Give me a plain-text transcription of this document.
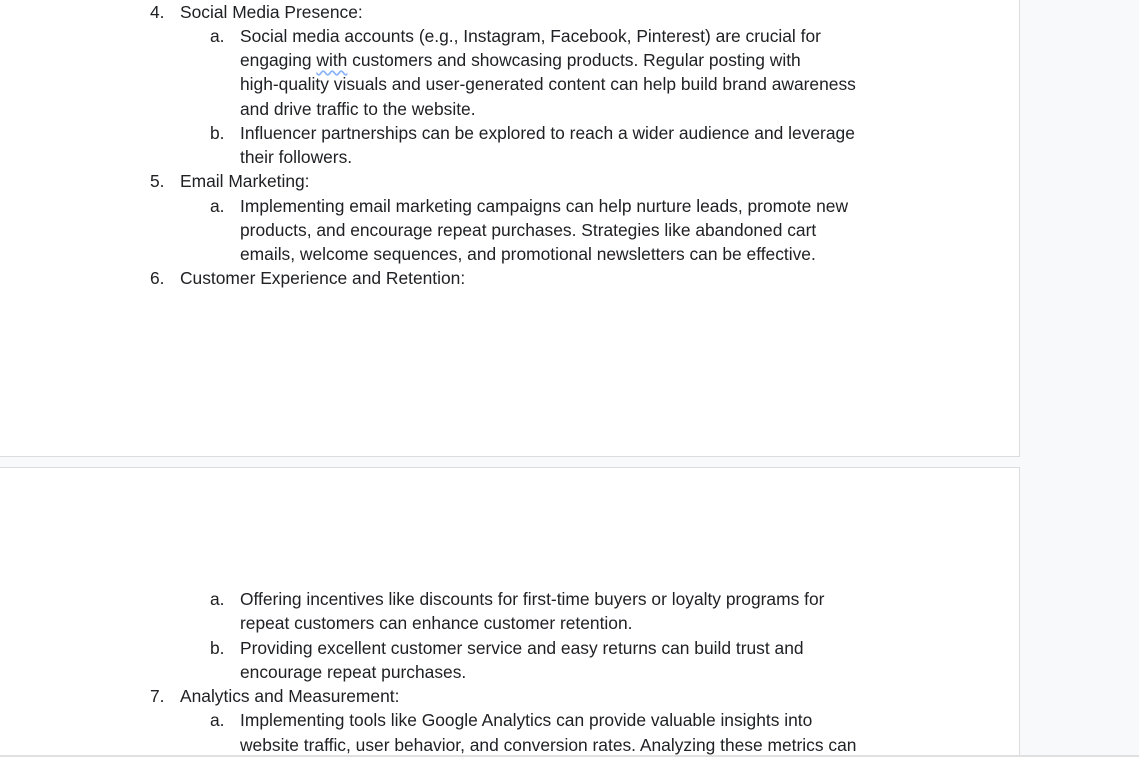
4. Social Media Presence:
a. Social media accounts (e.g., Instagram, Facebook, Pinterest) are crucial for
engaging with customers and showcasing products. Regular posting with
high-quality visuals and user-generated content can help build brand awareness
and drive traffic to the website.
b. Influencer partnerships can be explored to reach a wider audience and leverage
their followers.
5. Email Marketing:
a. Implementing email marketing campaigns can help nurture leads, promote new
products, and encourage repeat purchases. Strategies like abandoned cart
emails, welcome sequences, and promotional newsletters can be effective.
6. Customer Experience and Retention:
a. Offering incentives like discounts for first-time buyers or loyalty programs for
repeat customers can enhance customer retention.
b. Providing excellent customer service and easy returns can build trust and
encourage repeat purchases.
7. Analytics and Measurement:
a. Implementing tools like Google Analytics can provide valuable insights into
website traffic, user behavior, and conversion rates. Analyzing these metrics can
